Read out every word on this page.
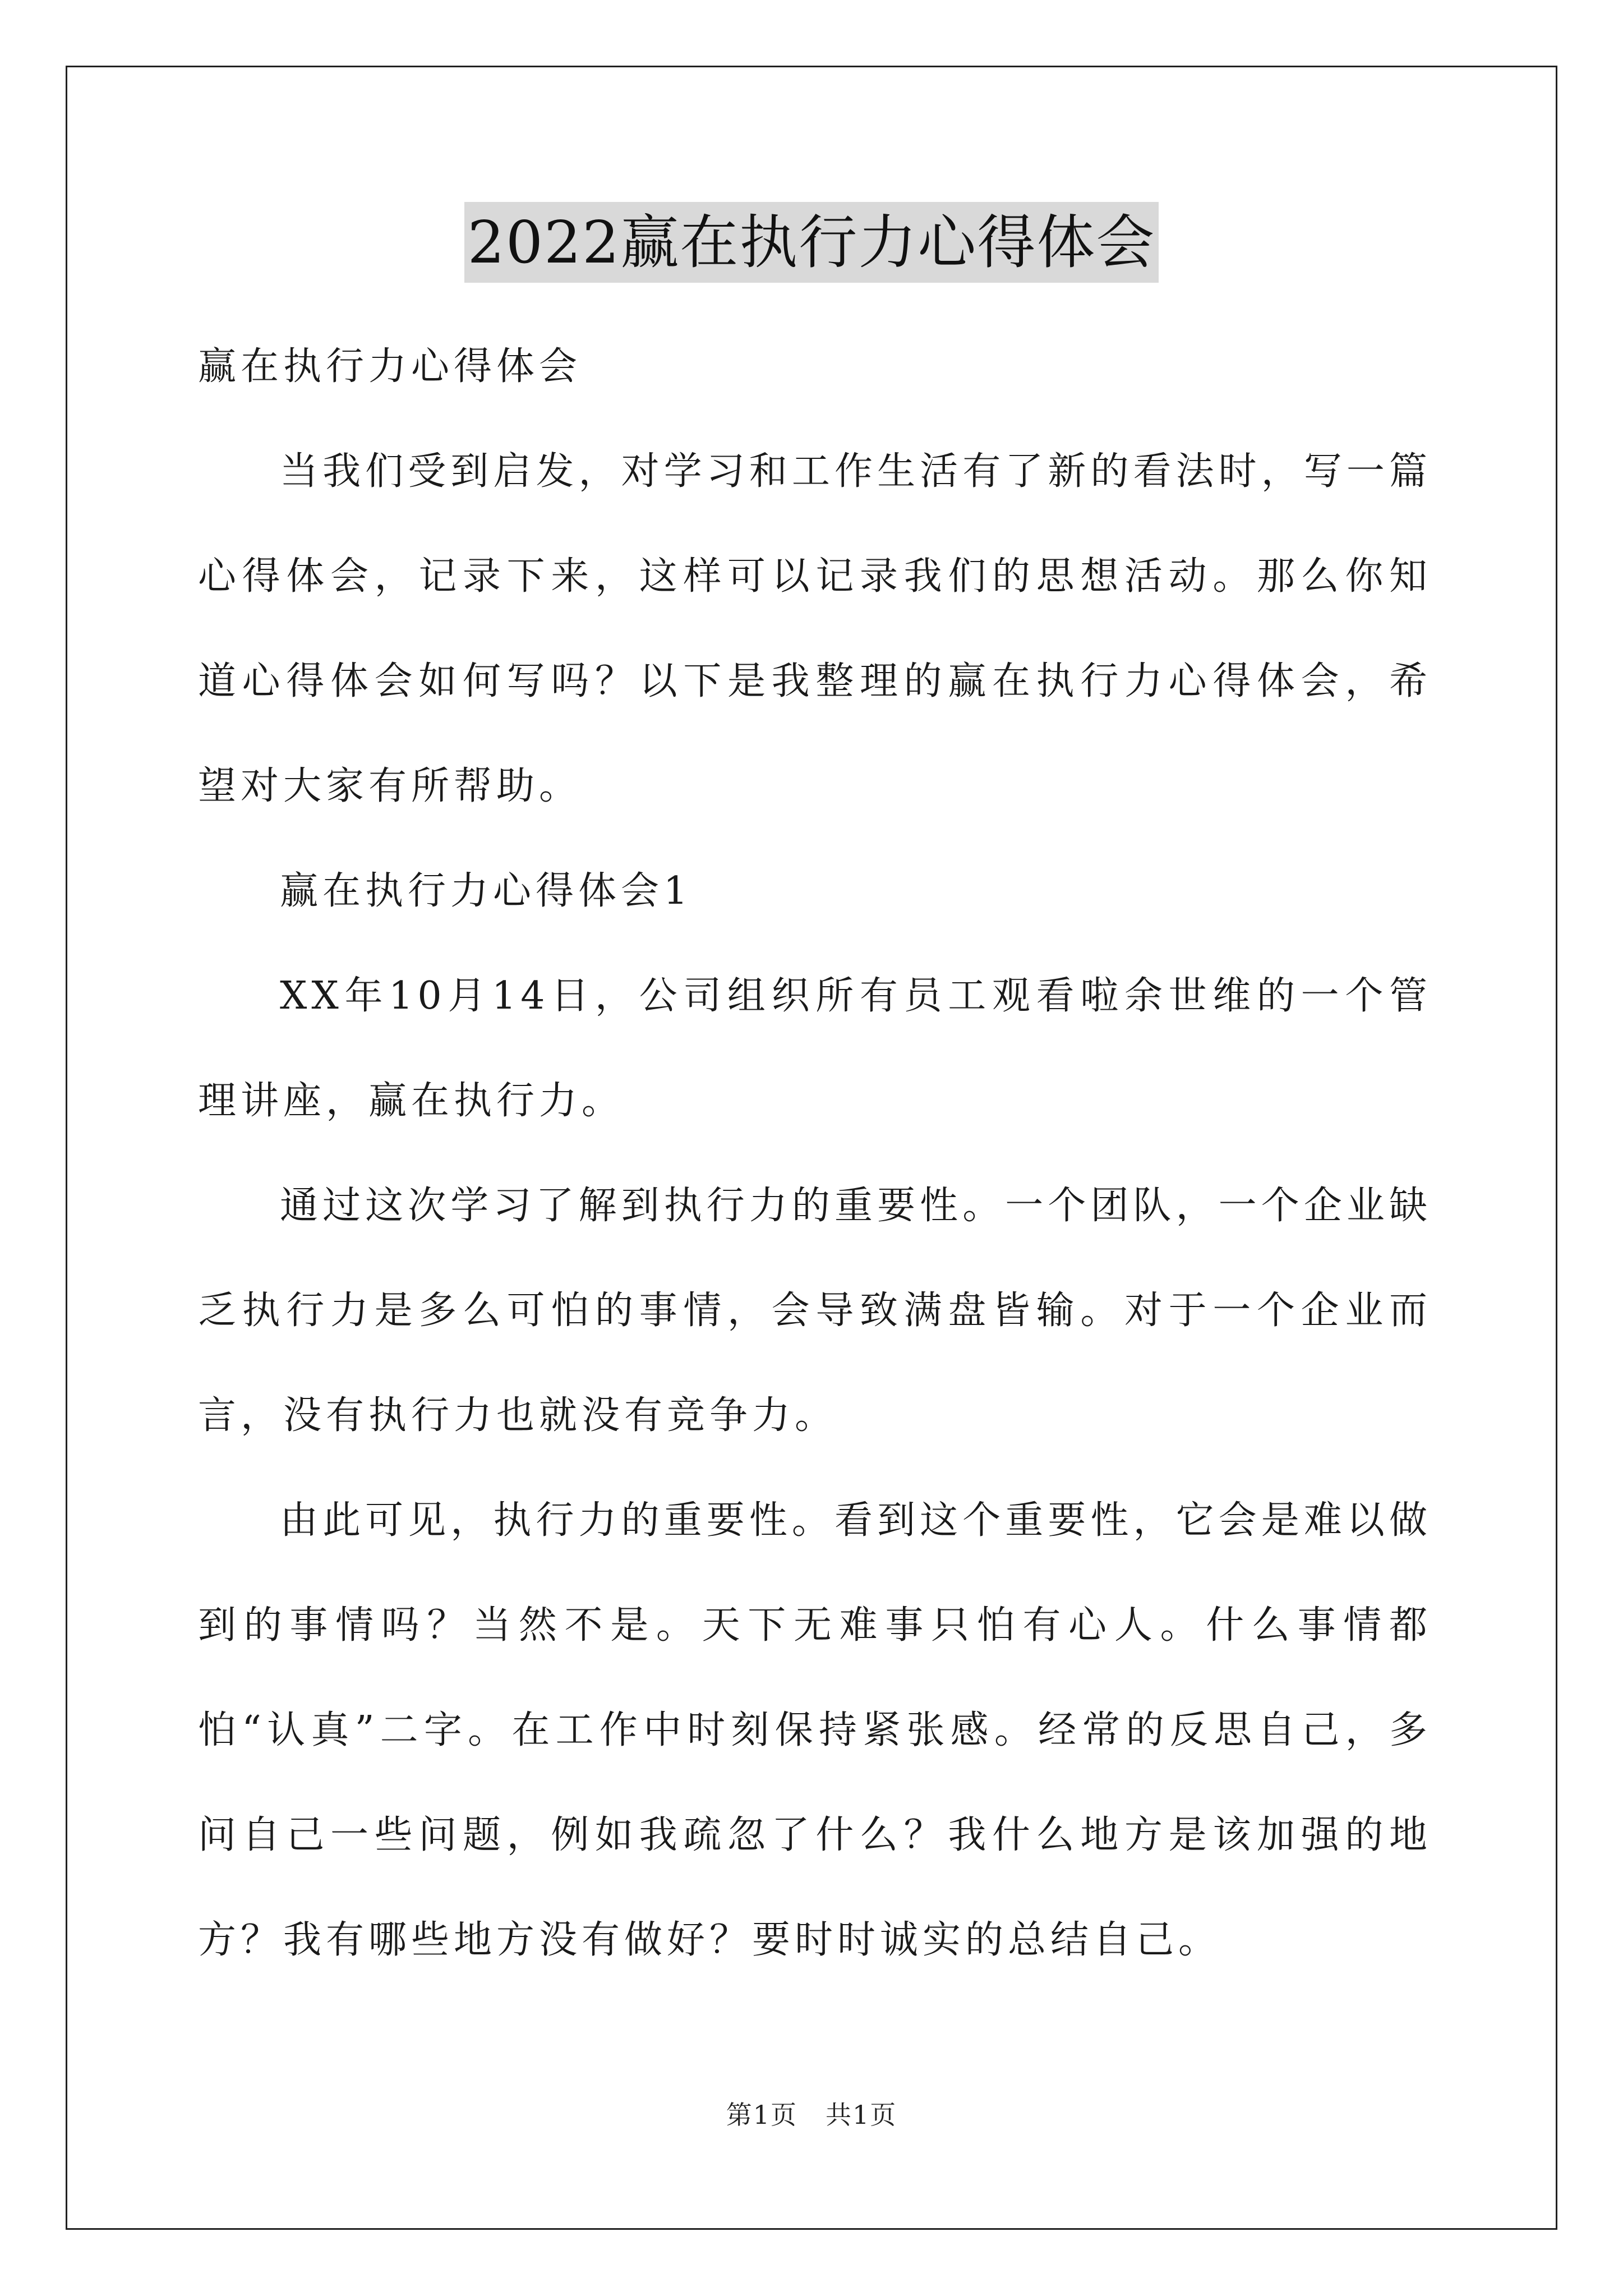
2022赢在执行力心得体会

赢在执行力心得体会

当我们受到启发，对学习和工作生活有了新的看法时，写一篇心得体会，记录下来，这样可以记录我们的思想活动。那么你知道心得体会如何写吗？以下是我整理的赢在执行力心得体会，希望对大家有所帮助。

赢在执行力心得体会1

XX年10月14日，公司组织所有员工观看啦余世维的一个管理讲座，赢在执行力。

通过这次学习了解到执行力的重要性。一个团队，一个企业缺乏执行力是多么可怕的事情，会导致满盘皆输。对于一个企业而言，没有执行力也就没有竞争力。

由此可见，执行力的重要性。看到这个重要性，它会是难以做到的事情吗？当然不是。天下无难事只怕有心人。什么事情都怕“认真”二字。在工作中时刻保持紧张感。经常的反思自己，多问自己一些问题，例如我疏忽了什么？我什么地方是该加强的地方？我有哪些地方没有做好？要时时诚实的总结自己。

第1页 共1页
